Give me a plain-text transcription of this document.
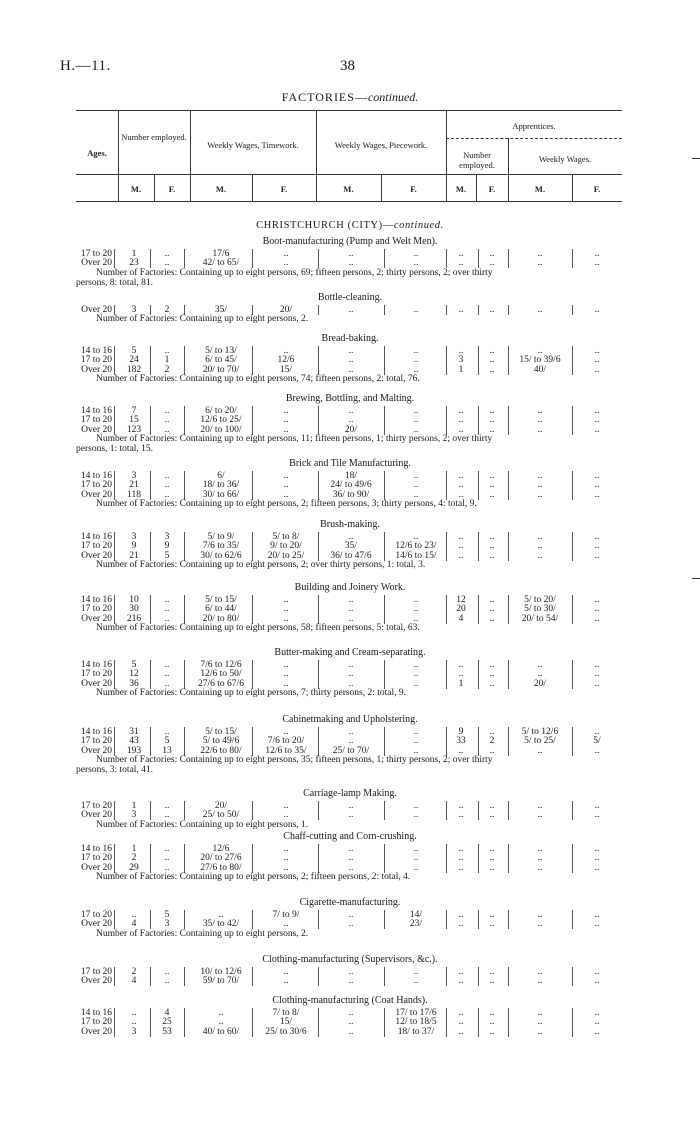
H.—11.	38
FACTORIES—continued.
Ages.
Number employed.
Weekly Wages, Timework.	Weekly Wages, Piecework.
Apprentices.
Number employed.
Weekly Wages.
M.	F.	M.	F.	M.	F.	M.	F.	M.	F.
CHRISTCHURCH (CITY)—continued.
Boot-manufacturing (Pump and Welt Men).
17 to 20	1	..	17/6	..	..	..	..	..	..	..
Over 20	23	..	42/ to 65/	..	..	..	..	..	..	..
Number of Factories: Containing up to eight persons, 69; fifteen persons, 2; thirty persons, 2; over thirty
persons, 8: total, 81.
Bottle-cleaning.
Over 20	3	2	35/	20/	..	..	..	..	..	..
Number of Factories: Containing up to eight persons, 2.
Bread-baking.
14 to 16	5	..	5/ to 13/	..	..	..	..	..	..	..
17 to 20	24	1	6/ to 45/	12/6	..	..	3	..	15/ to 39/6	..
Over 20	182	2	20/ to 70/	15/	..	..	1	..	40/	..
Number of Factories: Containing up to eight persons, 74; fifteen persons, 2: total, 76.
Brewing, Bottling, and Malting.
14 to 16	7	..	6/ to 20/	..	..	..	..	..	..	..
17 to 20	15	..	12/6 to 25/	..	..	..	..	..	..	..
Over 20	123	..	20/ to 100/	..	20/	..	..	..	..	..
Number of Factories: Containing up to eight persons, 11; fifteen persons, 1; thirty persons, 2; over thirty
persons, 1: total, 15.
Brick and Tile Manufacturing.
14 to 16	3	..	6/	..	18/	..	..	..	..	..
17 to 20	21	..	18/ to 36/	..	24/ to 49/6	..	..	..	..	..
Over 20	118	..	30/ to 66/	..	36/ to 90/	..	..	..	..	..
Number of Factories: Containing up to eight persons, 2; fifteen persons, 3; thirty persons, 4: total, 9.
Brush-making.
14 to 16	3	3	5/ to 9/	5/ to 8/	..	..	..	..	..	..
17 to 20	9	9	7/6 to 35/	9/ to 20/	35/	12/6 to 23/	..	..	..	..
Over 20	21	5	30/ to 62/6	20/ to 25/	36/ to 47/6	14/6 to 15/	..	..	..	..
Number of Factories: Containing up to eight persons, 2; over thirty persons, 1: total, 3.
Building and Joinery Work.
14 to 16	10	..	5/ to 15/	..	..	..	12	..	5/ to 20/	..
17 to 20	30	..	6/ to 44/	..	..	..	20	..	5/ to 30/	..
Over 20	216	..	20/ to 80/	..	..	..	4	..	20/ to 54/	..
Number of Factories: Containing up to eight persons, 58; fifteen persons, 5: total, 63.
Butter-making and Cream-separating.
14 to 16	5	..	7/6 to 12/6	..	..	..	..	..	..	..
17 to 20	12	..	12/6 to 50/	..	..	..	..	..	..	..
Over 20	36	..	27/6 to 67/6	..	..	..	1	..	20/	..
Number of Factories: Containing up to eight persons, 7; thirty persons, 2: total, 9.
Cabinetmaking and Upholstering.
14 to 16	31	..	5/ to 15/	..	..	..	9	..	5/ to 12/6	..
17 to 20	43	5	5/ to 49/6	7/6 to 20/	..	..	33	2	5/ to 25/	5/
Over 20	193	13	22/6 to 80/	12/6 to 35/	25/ to 70/	..	..	..	..	..
Number of Factories: Containing up to eight persons, 35; fifteen persons, 1; thirty persons, 2; over thirty
persons, 3: total, 41.
Carriage-lamp Making.
17 to 20	1	..	20/	..	..	..	..	..	..	..
Over 20	3	..	25/ to 50/	..	..	..	..	..	..	..
Number of Factories: Containing up to eight persons, 1.
Chaff-cutting and Corn-crushing.
14 to 16	1	..	12/6	..	..	..	..	..	..	..
17 to 20	2	..	20/ to 27/6	..	..	..	..	..	..	..
Over 20	29	..	27/6 to 80/	..	..	..	..	..	..	..
Number of Factories: Containing up to eight persons, 2; fifteen persons, 2: total, 4.
Cigarette-manufacturing.
17 to 20	..	5	..	7/ to 9/	..	14/	..	..	..	..
Over 20	4	3	35/ to 42/	..	..	23/	..	..	..	..
Number of Factories: Containing up to eight persons, 2.
Clothing-manufacturing (Supervisors, &c.).
17 to 20	2	..	10/ to 12/6	..	..	..	..	..	..	..
Over 20	4	..	59/ to 70/	..	..	..	..	..	..	..
Clothing-manufacturing (Coat Hands).
14 to 16	..	4	..	7/ to 8/	..	17/ to 17/6	..	..	..	..
17 to 20	..	25	..	15/	..	12/ to 18/5	..	..	..	..
Over 20	3	53	40/ to 60/	25/ to 30/6	..	18/ to 37/	..	..	..	..
